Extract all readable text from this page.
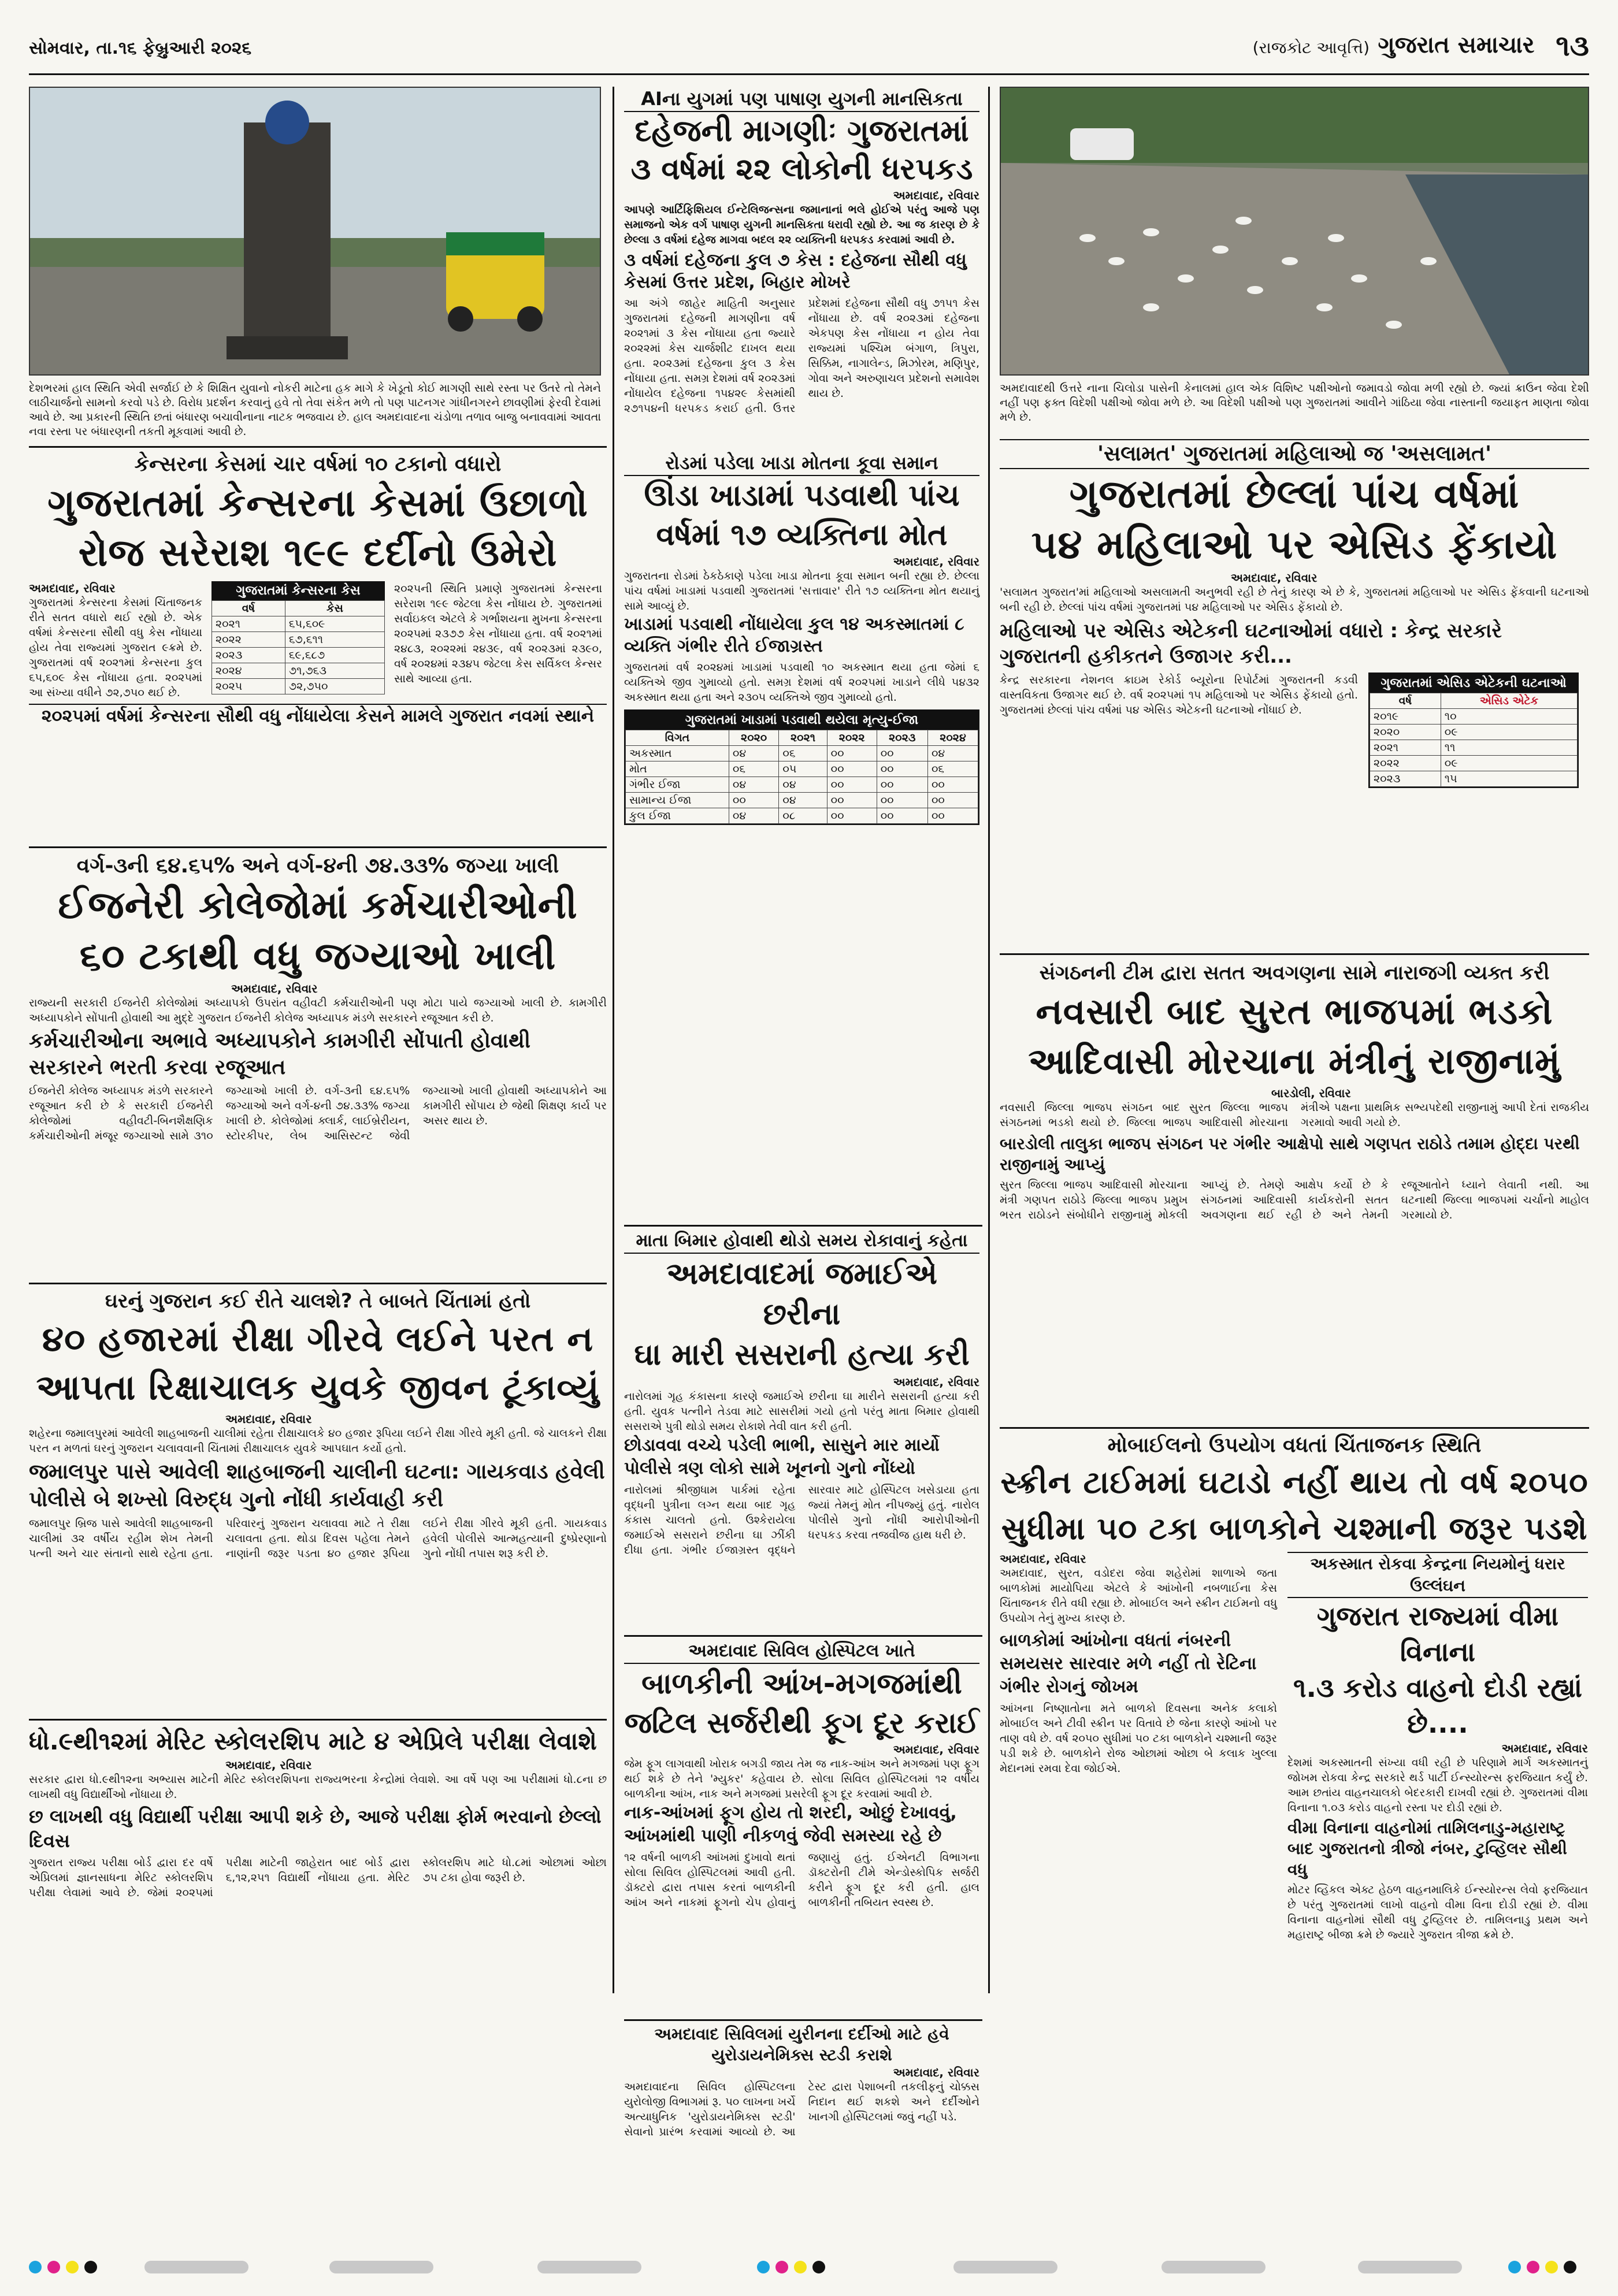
સોમવાર, તા.૧૬ ફેબ્રુઆરી ૨૦૨૬	(રાજકોટ આવૃત્તિ) ગુજરાત સમાચાર ૧૩
દેશભરમાં હાલ સ્થિતિ એવી સર્જાઈ છે કે શિક્ષિત યુવાનો નોકરી માટેના હક માગે કે ખેડૂતો કોઈ માગણી સાથે રસ્તા પર ઉતરે તો તેમને લાઠીચાર્જનો સામનો કરવો પડે છે. વિરોધ પ્રદર્શન કરવાનું હવે તો તેવા સંકેત મળે તો પણ પાટનગર ગાંધીનગરને છાવણીમાં ફેરવી દેવામાં આવે છે. આ પ્રકારની સ્થિતિ છતાં બંધારણ બચાવીનાના નાટક ભજવાય છે. હાલ અમદાવાદના ચંડોળા તળાવ બાજુ બનાવવામાં આવતા નવા રસ્તા પર બંધારણની તકતી મૂકવામાં આવી છે.
AIના યુગમાં પણ પાષાણ યુગની માનસિકતા
દહેજની માગણીઃ ગુજરાતમાં
૩ વર્ષમાં ૨૨ લોકોની ધરપકડ
અમદાવાદ, રવિવાર
આપણે આર્ટિફિશિયલ ઈન્ટેલિજન્સના જમાનાનાં ભલે હોઈએ પરંતુ આજે પણ સમાજનો એક વર્ગ પાષાણ યુગની માનસિકતા ધરાવી રહ્યો છે. આ જ કારણ છે કે છેલ્લા ૩ વર્ષમાં દહેજ માગવા બદલ ૨૨ વ્યક્તિની ધરપકડ કરવામાં આવી છે.
૩ વર્ષમાં દહેજના કુલ ૭ કેસ : દહેજના સૌથી વધુ કેસમાં ઉત્તર પ્રદેશ, બિહાર મોખરે
આ અંગે જાહેર માહિતી અનુસાર ગુજરાતમાં દહેજની માગણીના વર્ષ ૨૦૨૧માં ૩ કેસ નોંધાયા હતા જ્યારે ૨૦૨૨માં કેસ ચાર્જશીટ દાખલ થયા હતા. ૨૦૨૩માં દહેજના કુલ ૩ કેસ નોંધાયા હતા. સમગ્ર દેશમાં વર્ષ ૨૦૨૩માં નોંધાયેલ દહેજના ૧૫૪૨૯ કેસમાંથી ૨૭૧૫૪ની ધરપકડ કરાઈ હતી. ઉત્તર પ્રદેશમાં દહેજના સૌથી વધુ ૭૧૫૧ કેસ નોંધાયા છે. વર્ષ ૨૦૨૩માં દહેજના એકપણ કેસ નોંધાયા ન હોય તેવા રાજ્યમાં પશ્ચિમ બંગાળ, ત્રિપુરા, સિક્કિમ, નાગાલેન્ડ, મિઝોરમ, મણિપુર, ગોવા અને અરુણાચલ પ્રદેશનો સમાવેશ થાય છે.	અમદાવાદથી ઉત્તરે નાના ચિલોડા પાસેની કેનાલમાં હાલ એક વિશિષ્ટ પક્ષીઓનો જમાવડો જોવા મળી રહ્યો છે. જ્યાં ક્રાઉન જેવા દેશી નહીં પણ ફક્ત વિદેશી પક્ષીઓ જોવા મળે છે. આ વિદેશી પક્ષીઓ પણ ગુજરાતમાં આવીને ગાંઠિયા જેવા નાસ્તાની જયાફત માણતા જોવા મળે છે.
કેન્સરના કેસમાં ચાર વર્ષમાં ૧૦ ટકાનો વધારો
ગુજરાતમાં કેન્સરના કેસમાં ઉછાળો
રોજ સરેરાશ ૧૯૯ દર્દીનો ઉમેરો
અમદાવાદ, રવિવાર
ગુજરાતમાં કેન્સરના કેસમાં ચિંતાજનક રીતે સતત વધારો થઈ રહ્યો છે. એક વર્ષમાં કેન્સરના સૌથી વધુ કેસ નોંધાયા હોય તેવા રાજ્યમાં ગુજરાત ૯ક્રમે છે. ગુજરાતમાં વર્ષ ૨૦૨૧માં કેન્સરના કુલ ૬૫,૬૦૯ કેસ નોંધાયા હતા. ૨૦૨૫માં આ સંખ્યા વધીને ૭૨,૭૫૦ થઈ છે.
ગુજરાતમાં કેન્સરના કેસ
વર્ષ	કેસ
૨૦૨૧	૬૫,૬૦૯
૨૦૨૨	૬૭,૬૧૧
૨૦૨૩	૬૯,૬૮૭
૨૦૨૪	૭૧,૭૬૩
૨૦૨૫	૭૨,૭૫૦
૨૦૨૫ની સ્થિતિ પ્રમાણે ગુજરાતમાં કેન્સરના સરેરાશ ૧૯૯ જેટલા કેસ નોંધાય છે. ગુજરાતમાં સર્વાઇકલ એટલે કે ગર્ભાશયના મુખના કેન્સરના ૨૦૨૫માં ૨૩૭૭ કેસ નોંધાયા હતા. વર્ષ ૨૦૨૧માં ૨૪૮૩, ૨૦૨૨માં ૨૪૩૯, વર્ષ ૨૦૨૩માં ૨૩૯૦, વર્ષ ૨૦૨૪માં ૨૩૪૫ જેટલા કેસ સર્વિકલ કેન્સર સાથે આવ્યા હતા.
૨૦૨૫માં વર્ષમાં કેન્સરના સૌથી વધુ નોંધાયેલા કેસને મામલે ગુજરાત નવમાં સ્થાને
રોડમાં પડેલા ખાડા મોતના કૂવા સમાન
ઊંડા ખાડામાં પડવાથી પાંચ
વર્ષમાં ૧૭ વ્યક્તિના મોત
અમદાવાદ, રવિવાર
ગુજરાતના રોડમાં ઠેકઠેકાણે પડેલા ખાડા મોતના કૂવા સમાન બની રહ્યા છે. છેલ્લા પાંચ વર્ષમાં ખાડામાં પડવાથી ગુજરાતમાં 'સત્તાવાર' રીતે ૧૭ વ્યક્તિના મોત થયાનું સામે આવ્યું છે.
ખાડામાં પડવાથી નોંધાયેલા કુલ ૧૪ અકસ્માતમાં ૮ વ્યક્તિ ગંભીર રીતે ઈજાગ્રસ્ત
ગુજરાતમાં વર્ષ ૨૦૨૪માં ખાડામાં પડવાથી ૧૦ અકસ્માત થયા હતા જેમાં ૬ વ્યક્તિએ જીવ ગુમાવ્યો હતો. સમગ્ર દેશમાં વર્ષ ૨૦૨૫માં ખાડાને લીધે ૫૪૩૨ અકસ્માત થયા હતા અને ૨૩૦૫ વ્યક્તિએ જીવ ગુમાવ્યો હતો.
ગુજરાતમાં ખાડામાં પડવાથી થયેલા મૃત્યુ-ઈજા
વિગત	૨૦૨૦	૨૦૨૧	૨૦૨૨	૨૦૨૩	૨૦૨૪
અકસ્માત	૦૪	૦૬	૦૦	૦૦	૦૪
મોત	૦૬	૦૫	૦૦	૦૦	૦૬
ગંભીર ઈજા	૦૪	૦૪	૦૦	૦૦	૦૦
સામાન્ય ઈજા	૦૦	૦૪	૦૦	૦૦	૦૦
કુલ ઈજા	૦૪	૦૮	૦૦	૦૦	૦૦
'સલામત' ગુજરાતમાં મહિલાઓ જ 'અસલામત'
ગુજરાતમાં છેલ્લાં પાંચ વર્ષમાં
૫૪ મહિલાઓ પર એસિડ ફેંકાયો
અમદાવાદ, રવિવાર
'સલામત ગુજરાત'માં મહિલાઓ અસલામતી અનુભવી રહી છે તેનું કારણ એ છે કે, ગુજરાતમાં મહિલાઓ પર એસિડ ફેંકવાની ઘટનાઓ બની રહી છે. છેલ્લાં પાંચ વર્ષમાં ગુજરાતમાં ૫૪ મહિલાઓ પર એસિડ ફેંકાયો છે.
મહિલાઓ પર એસિડ એટેકની ઘટનાઓમાં વધારો : કેન્દ્ર સરકારે ગુજરાતની હકીકતને ઉજાગર કરી...
કેન્દ્ર સરકારના નેશનલ ક્રાઇમ રેકોર્ડ બ્યૂરોના રિપોર્ટમાં ગુજરાતની કડવી વાસ્તવિકતા ઉજાગર થઈ છે. વર્ષ ૨૦૨૫માં ૧૫ મહિલાઓ પર એસિડ ફેંકાયો હતો. ગુજરાતમાં છેલ્લાં પાંચ વર્ષમાં ૫૪ એસિડ એટેકની ઘટનાઓ નોંધાઈ છે.
ગુજરાતમાં એસિડ એટેકની ઘટનાઓ
વર્ષ	એસિડ એટેક
૨૦૧૯	૧૦
૨૦૨૦	૦૯
૨૦૨૧	૧૧
૨૦૨૨	૦૯
૨૦૨૩	૧૫
વર્ગ-૩ની ૬૪.૬૫% અને વર્ગ-૪ની ૭૪.૩૩% જગ્યા ખાલી
ઈજનેરી કોલેજોમાં કર્મચારીઓની
૬૦ ટકાથી વધુ જગ્યાઓ ખાલી
અમદાવાદ, રવિવાર
રાજ્યની સરકારી ઈજનેરી કોલેજોમાં અધ્યાપકો ઉપરાંત વહીવટી કર્મચારીઓની પણ મોટા પાયે જગ્યાઓ ખાલી છે. કામગીરી અધ્યાપકોને સોંપાતી હોવાથી આ મુદ્દે ગુજરાત ઈજનેરી કોલેજ અધ્યાપક મંડળે સરકારને રજૂઆત કરી છે.
કર્મચારીઓના અભાવે અધ્યાપકોને કામગીરી સોંપાતી હોવાથી સરકારને ભરતી કરવા રજૂઆત
ઈજનેરી કોલેજ અધ્યાપક મંડળે સરકારને રજૂઆત કરી છે કે સરકારી ઈજનેરી કોલેજોમાં વહીવટી-બિનશૈક્ષણિક કર્મચારીઓની મંજૂર જગ્યાઓ સામે ૩૧૦ જગ્યાઓ ખાલી છે. વર્ગ-૩ની ૬૪.૬૫% જગ્યાઓ અને વર્ગ-૪ની ૭૪.૩૩% જગ્યા ખાલી છે. કોલેજોમાં ક્લાર્ક, લાઈબ્રેરીયન, સ્ટોરકીપર, લેબ આસિસ્ટન્ટ જેવી જગ્યાઓ ખાલી હોવાથી અધ્યાપકોને આ કામગીરી સોંપાય છે જેથી શિક્ષણ કાર્ય પર અસર થાય છે.
સંગઠનની ટીમ દ્વારા સતત અવગણના સામે નારાજગી વ્યક્ત કરી
નવસારી બાદ સુરત ભાજપમાં ભડકો
આદિવાસી મોરચાના મંત્રીનું રાજીનામું
બારડોલી, રવિવાર
નવસારી જિલ્લા ભાજપ સંગઠન બાદ સુરત જિલ્લા ભાજપ સંગઠનમાં ભડકો થયો છે. જિલ્લા ભાજપ આદિવાસી મોરચાના મંત્રીએ પક્ષના પ્રાથમિક સભ્યપદેથી રાજીનામું આપી દેતાં રાજકીય ગરમાવો આવી ગયો છે.
બારડોલી તાલુકા ભાજપ સંગઠન પર ગંભીર આક્ષેપો સાથે ગણપત રાઠોડે તમામ હોદ્દા પરથી રાજીનામું આપ્યું
સુરત જિલ્લા ભાજપ આદિવાસી મોરચાના મંત્રી ગણપત રાઠોડે જિલ્લા ભાજપ પ્રમુખ ભરત રાઠોડને સંબોધીને રાજીનામું મોકલી આપ્યું છે. તેમણે આક્ષેપ કર્યો છે કે સંગઠનમાં આદિવાસી કાર્યકરોની સતત અવગણના થઈ રહી છે અને તેમની રજૂઆતોને ધ્યાને લેવાતી નથી. આ ઘટનાથી જિલ્લા ભાજપમાં ચર્ચાનો માહોલ ગરમાયો છે.
માતા બિમાર હોવાથી થોડો સમય રોકાવાનું કહેતા
અમદાવાદમાં જમાઈએ છરીના
ઘા મારી સસરાની હત્યા કરી
અમદાવાદ, રવિવાર
નારોલમાં ગૃહ કંકાસના કારણે જમાઈએ છરીના ઘા મારીને સસરાની હત્યા કરી હતી. યુવક પત્નીને તેડવા માટે સાસરીમાં ગયો હતો પરંતુ માતા બિમાર હોવાથી સસરાએ પુત્રી થોડો સમય રોકાશે તેવી વાત કરી હતી.
છોડાવવા વચ્ચે પડેલી ભાભી, સાસુને માર માર્યો પોલીસે ત્રણ લોકો સામે ખૂનનો ગુનો નોંધ્યો
નારોલમાં શ્રીજીધામ પાર્કમાં રહેતા વૃદ્ધની પુત્રીના લગ્ન થયા બાદ ગૃહ કંકાસ ચાલતો હતો. ઉશ્કેરાયેલા જમાઈએ સસરાને છરીના ઘા ઝીંકી દીધા હતા. ગંભીર ઈજાગ્રસ્ત વૃદ્ધને સારવાર માટે હોસ્પિટલ ખસેડાયા હતા જ્યાં તેમનું મોત નીપજ્યું હતું. નારોલ પોલીસે ગુનો નોંધી આરોપીઓની ધરપકડ કરવા તજવીજ હાથ ધરી છે.
ઘરનું ગુજરાન કઈ રીતે ચાલશે? તે બાબતે ચિંતામાં હતો
૪૦ હજારમાં રીક્ષા ગીરવે લઈને પરત ન
આપતા રિક્ષાચાલક યુવકે જીવન ટૂંકાવ્યું
અમદાવાદ, રવિવાર
શહેરના જમાલપુરમાં આવેલી શાહબાજની ચાલીમાં રહેતા રીક્ષાચાલકે ૪૦ હજાર રૂપિયા લઈને રીક્ષા ગીરવે મૂકી હતી. જે ચાલકને રીક્ષા પરત ન મળતાં ઘરનું ગુજરાન ચલાવવાની ચિંતામાં રીક્ષાચાલક યુવકે આપઘાત કર્યો હતો.
જમાલપુર પાસે આવેલી શાહબાજની ચાલીની ઘટના: ગાયકવાડ હવેલી પોલીસે બે શખ્સો વિરુદ્ધ ગુનો નોંધી કાર્યવાહી કરી
જમાલપુર બ્રિજ પાસે આવેલી શાહબાજની ચાલીમાં ૩૨ વર્ષીય રહીમ શેખ તેમની પત્ની અને ચાર સંતાનો સાથે રહેતા હતા. પરિવારનું ગુજરાન ચલાવવા માટે તે રીક્ષા ચલાવતા હતા. થોડા દિવસ પહેલા તેમને નાણાંની જરૂર પડતા ૪૦ હજાર રૂપિયા લઈને રીક્ષા ગીરવે મૂકી હતી. ગાયકવાડ હવેલી પોલીસે આત્મહત્યાની દુષ્પ્રેરણાનો ગુનો નોંધી તપાસ શરૂ કરી છે.
મોબાઈલનો ઉપયોગ વધતાં ચિંતાજનક સ્થિતિ
સ્ક્રીન ટાઈમમાં ઘટાડો નહીં થાય તો વર્ષ ૨૦૫૦
સુધીમા ૫૦ ટકા બાળકોને ચશ્માની જરૂર પડશે
અમદાવાદ, રવિવાર
અમદાવાદ, સુરત, વડોદરા જેવા શહેરોમાં શાળાએ જતા બાળકોમાં માયોપિયા એટલે કે આંખોની નબળાઈના કેસ ચિંતાજનક રીતે વધી રહ્યા છે. મોબાઈલ અને સ્ક્રીન ટાઈમનો વધુ ઉપયોગ તેનું મુખ્ય કારણ છે.
બાળકોમાં આંખોના વધતાં નંબરની સમયસર સારવાર મળે નહીં તો રેટિના ગંભીર રોગનું જોખમ
આંખના નિષ્ણાતોના મતે બાળકો દિવસના અનેક કલાકો મોબાઈલ અને ટીવી સ્ક્રીન પર વિતાવે છે જેના કારણે આંખો પર તાણ વધે છે. વર્ષ ૨૦૫૦ સુધીમાં ૫૦ ટકા બાળકોને ચશ્માની જરૂર પડી શકે છે. બાળકોને રોજ ઓછામાં ઓછા બે કલાક ખુલ્લા મેદાનમાં રમવા દેવા જોઈએ.
અકસ્માત રોકવા કેન્દ્રના નિયમોનું ધરાર ઉલ્લંઘન
ગુજરાત રાજ્યમાં વીમા વિનાના
૧.૩ કરોડ વાહનો દોડી રહ્યાં છે....
અમદાવાદ, રવિવાર
દેશમાં અકસ્માતની સંખ્યા વધી રહી છે પરિણામે માર્ગ અકસ્માતનું જોખમ રોકવા કેન્દ્ર સરકારે થર્ડ પાર્ટી ઈન્સ્યોરન્સ ફરજિયાત કર્યું છે. આમ છતાંય વાહનચાલકો બેદરકારી દાખવી રહ્યાં છે. ગુજરાતમાં વીમા વિનાના ૧.૦૩ કરોડ વાહનો રસ્તા પર દોડી રહ્યાં છે.
વીમા વિનાના વાહનોમાં તામિલનાડુ-મહારાષ્ટ્ર બાદ ગુજરાતનો ત્રીજો નંબર, ટુવ્હિલર સૌથી વધુ
મોટર વ્હિકલ એક્ટ હેઠળ વાહનમાલિકે ઈન્સ્યોરન્સ લેવો ફરજિયાત છે પરંતુ ગુજરાતમાં લાખો વાહનો વીમા વિના દોડી રહ્યાં છે. વીમા વિનાના વાહનોમાં સૌથી વધુ ટુવ્હિલર છે. તામિલનાડુ પ્રથમ અને મહારાષ્ટ્ર બીજા ક્રમે છે જ્યારે ગુજરાત ત્રીજા ક્રમે છે.
અમદાવાદ સિવિલ હોસ્પિટલ ખાતે
બાળકીની આંખ-મગજમાંથી
જટિલ સર્જરીથી ફૂગ દૂર કરાઈ
અમદાવાદ, રવિવાર
જેમ ફૂગ લાગવાથી ખોરાક બગડી જાય તેમ જ નાક-આંખ અને મગજમાં પણ ફૂગ થઈ શકે છે તેને 'મ્યુકર' કહેવાય છે. સોલા સિવિલ હોસ્પિટલમાં ૧૨ વર્ષીય બાળકીના આંખ, નાક અને મગજમાં પ્રસરેલી ફૂગ દૂર કરવામાં આવી છે.
નાક-આંખમાં ફૂગ હોય તો શરદી, ઓછું દેખાવવું, આંખમાંથી પાણી નીકળવું જેવી સમસ્યા રહે છે
૧૨ વર્ષની બાળકી આંખમાં દુખાવો થતાં સોલા સિવિલ હોસ્પિટલમાં આવી હતી. ડૉક્ટરો દ્વારા તપાસ કરતાં બાળકીની આંખ અને નાકમાં ફૂગનો ચેપ હોવાનું જણાયું હતું. ઈએનટી વિભાગના ડૉક્ટરોની ટીમે એન્ડોસ્કોપિક સર્જરી કરીને ફૂગ દૂર કરી હતી. હાલ બાળકીની તબિયત સ્વસ્થ છે.
ધો.૯થી૧૨માં મેરિટ સ્કોલરશિપ માટે ૪ એપ્રિલે પરીક્ષા લેવાશે
અમદાવાદ, રવિવાર
સરકાર દ્વારા ધો.૯થી૧૨ના અભ્યાસ માટેની મેરિટ સ્કોલરશિપના રાજ્યભરના કેન્દ્રોમાં લેવાશે. આ વર્ષે પણ આ પરીક્ષામાં ધો.૮ના છ લાખથી વધુ વિદ્યાર્થીઓ નોંધાયા છે.
છ લાખથી વધુ વિદ્યાર્થી પરીક્ષા આપી શકે છે, આજે પરીક્ષા ફોર્મ ભરવાનો છેલ્લો દિવસ
ગુજરાત રાજ્ય પરીક્ષા બોર્ડ દ્વારા દર વર્ષે એપ્રિલમાં જ્ઞાનસાધના મેરિટ સ્કોલરશિપ પરીક્ષા લેવામાં આવે છે. જેમાં ૨૦૨૫માં પરીક્ષા માટેની જાહેરાત બાદ બોર્ડ દ્વારા ૬,૧૨,૨૫૧ વિદ્યાર્થી નોંધાયા હતા. મેરિટ સ્કોલરશિપ માટે ધો.૮માં ઓછામાં ઓછા ૭૫ ટકા હોવા જરૂરી છે.
અમદાવાદ સિવિલમાં યુરીનના દર્દીઓ માટે હવે યુરોડાયનેમિક્સ સ્ટડી કરાશે
અમદાવાદ, રવિવાર
અમદાવાદના સિવિલ હોસ્પિટલના યુરોલોજી વિભાગમાં રૂ. ૫૦ લાખના ખર્ચે અત્યાધુનિક 'યુરોડાયનેમિક્સ સ્ટડી' સેવાનો પ્રારંભ કરવામાં આવ્યો છે. આ ટેસ્ટ દ્વારા પેશાબની તકલીફનું ચોક્કસ નિદાન થઈ શકશે અને દર્દીઓને ખાનગી હોસ્પિટલમાં જવું નહીં પડે.
